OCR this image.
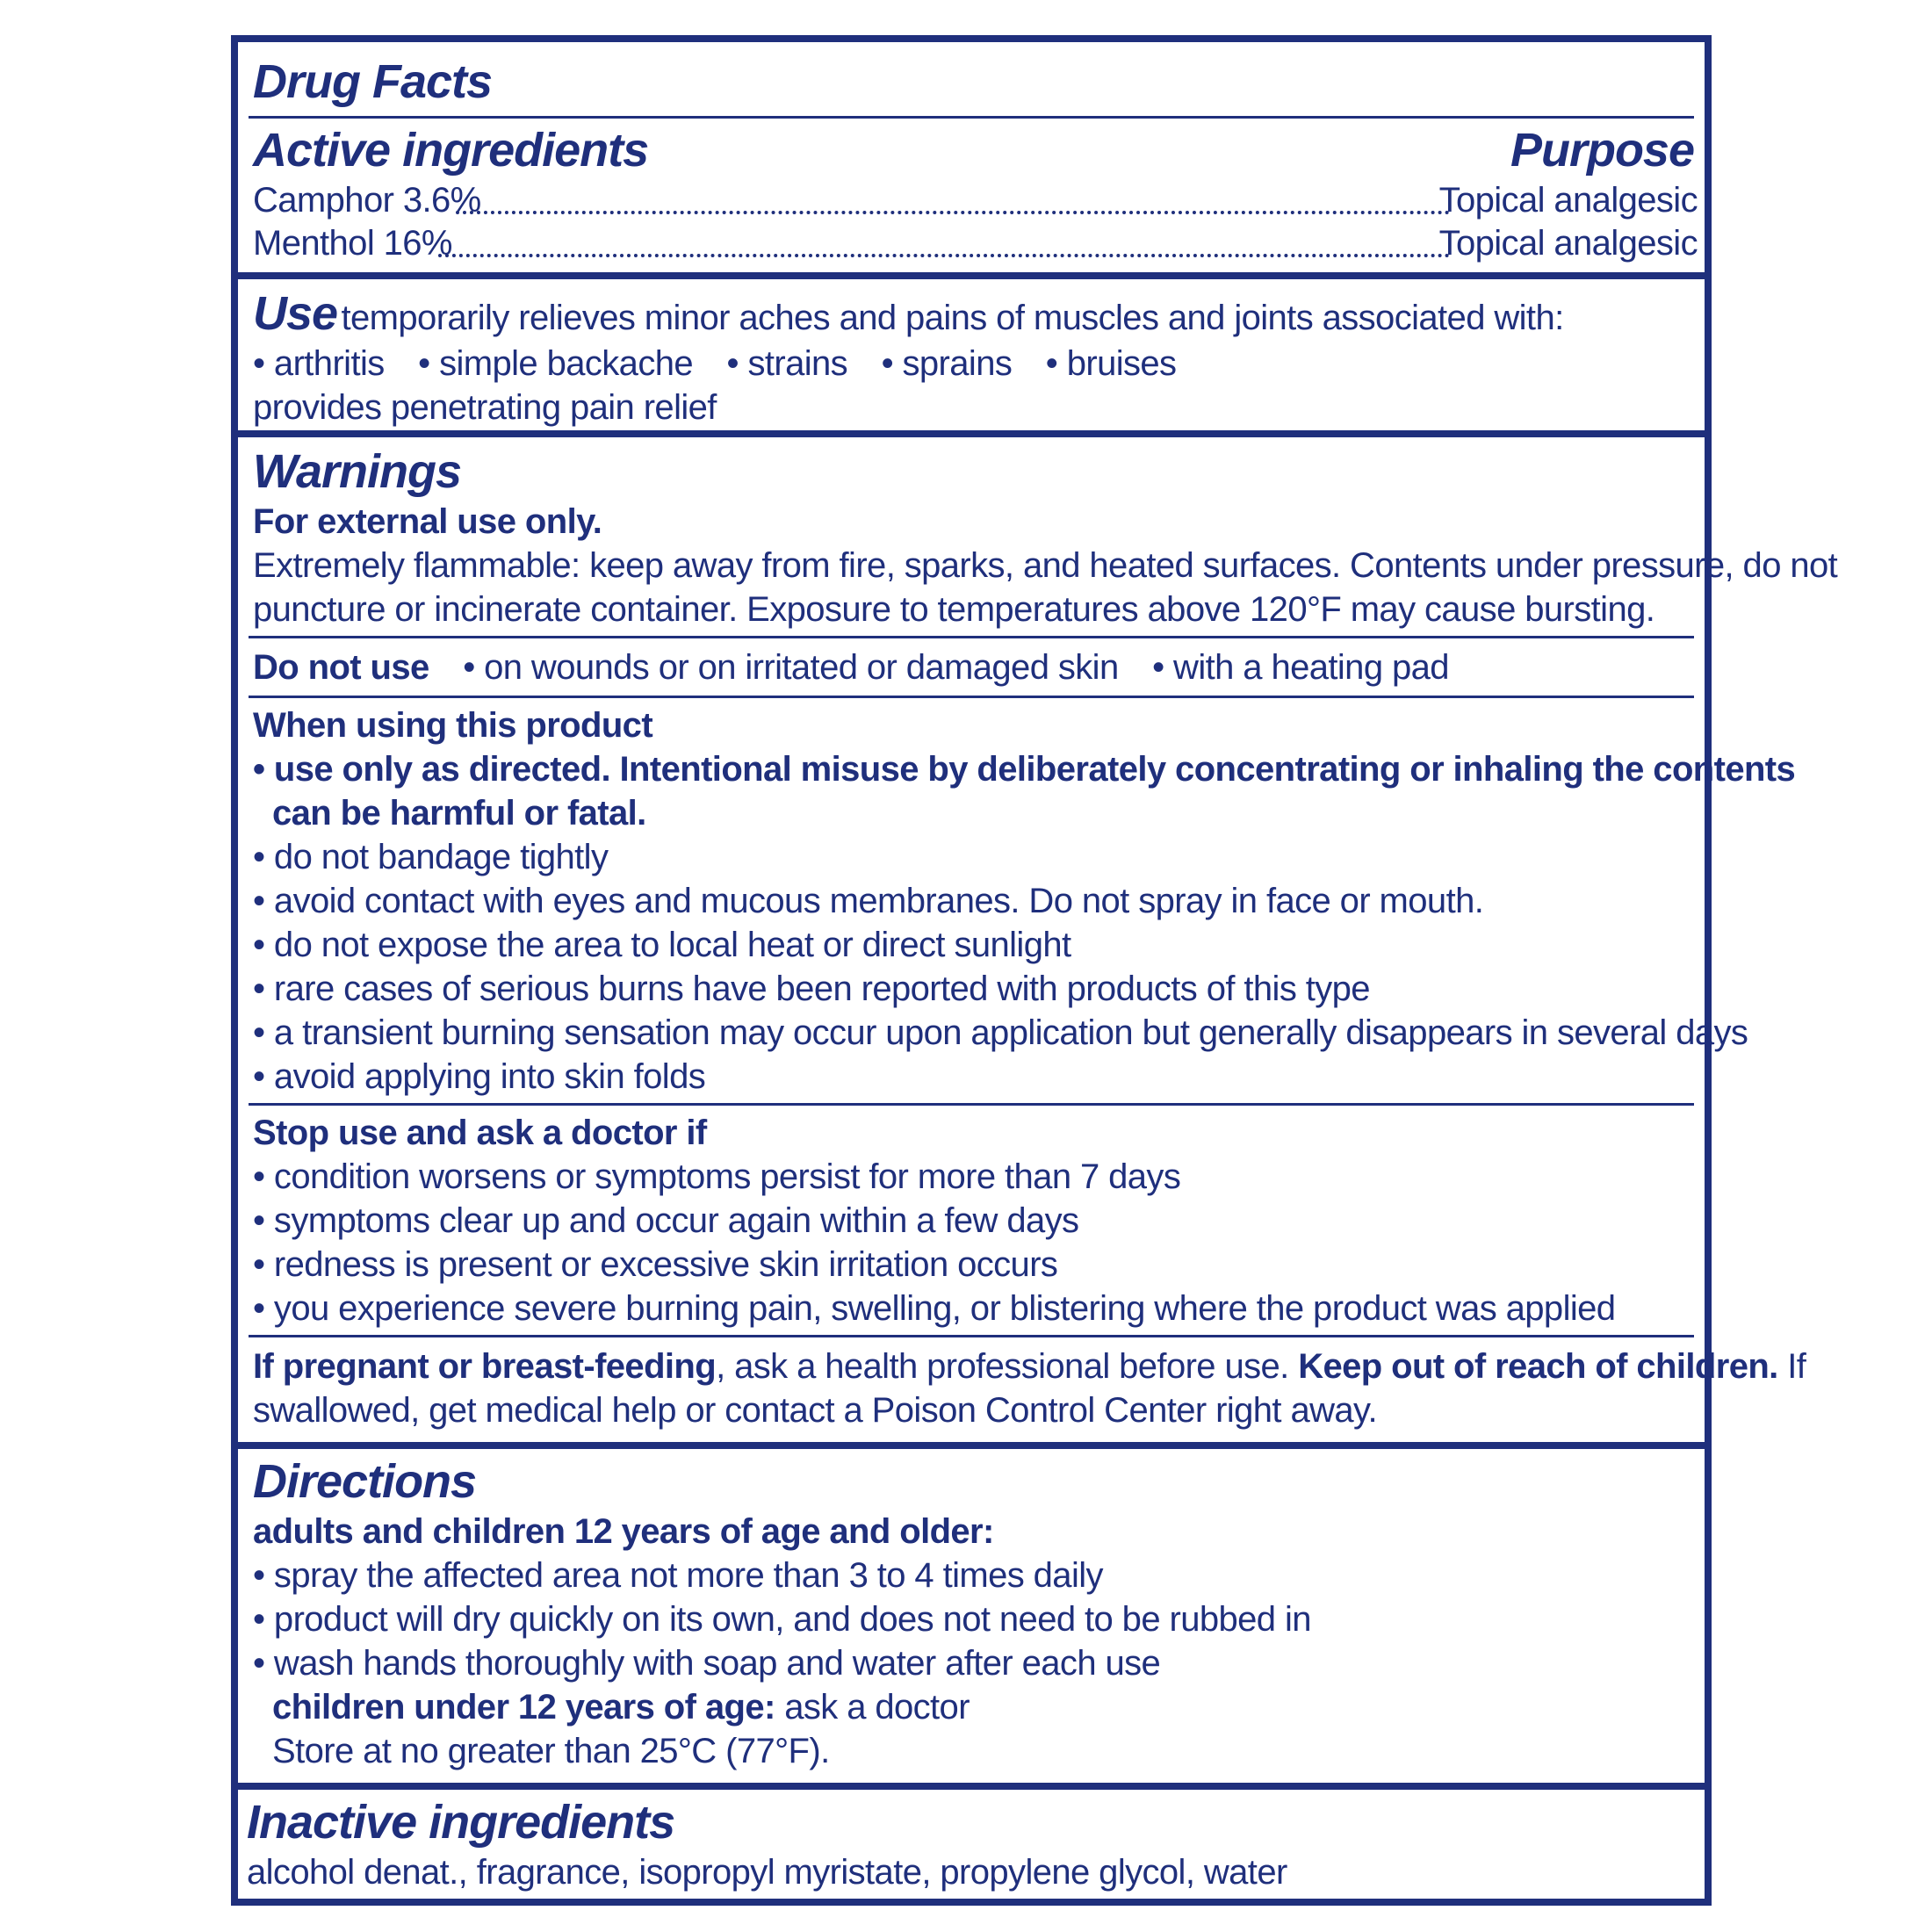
Drug Facts
Active ingredients	Purpose
Camphor 3.6%	Topical analgesic
Menthol 16%	Topical analgesic
Use temporarily relieves minor aches and pains of muscles and joints associated with:
• arthritis • simple backache • strains • sprains • bruises
provides penetrating pain relief
Warnings
For external use only.
Extremely flammable: keep away from fire, sparks, and heated surfaces. Contents under pressure, do not
puncture or incinerate container. Exposure to temperatures above 120°F may cause bursting.
Do not use • on wounds or on irritated or damaged skin • with a heating pad
When using this product
• use only as directed. Intentional misuse by deliberately concentrating or inhaling the contents
can be harmful or fatal.
• do not bandage tightly
• avoid contact with eyes and mucous membranes. Do not spray in face or mouth.
• do not expose the area to local heat or direct sunlight
• rare cases of serious burns have been reported with products of this type
• a transient burning sensation may occur upon application but generally disappears in several days
• avoid applying into skin folds
Stop use and ask a doctor if
• condition worsens or symptoms persist for more than 7 days
• symptoms clear up and occur again within a few days
• redness is present or excessive skin irritation occurs
• you experience severe burning pain, swelling, or blistering where the product was applied
If pregnant or breast-feeding, ask a health professional before use. Keep out of reach of children. If
swallowed, get medical help or contact a Poison Control Center right away.
Directions
adults and children 12 years of age and older:
• spray the affected area not more than 3 to 4 times daily
• product will dry quickly on its own, and does not need to be rubbed in
• wash hands thoroughly with soap and water after each use
children under 12 years of age: ask a doctor
Store at no greater than 25°C (77°F).
Inactive ingredients
alcohol denat., fragrance, isopropyl myristate, propylene glycol, water
